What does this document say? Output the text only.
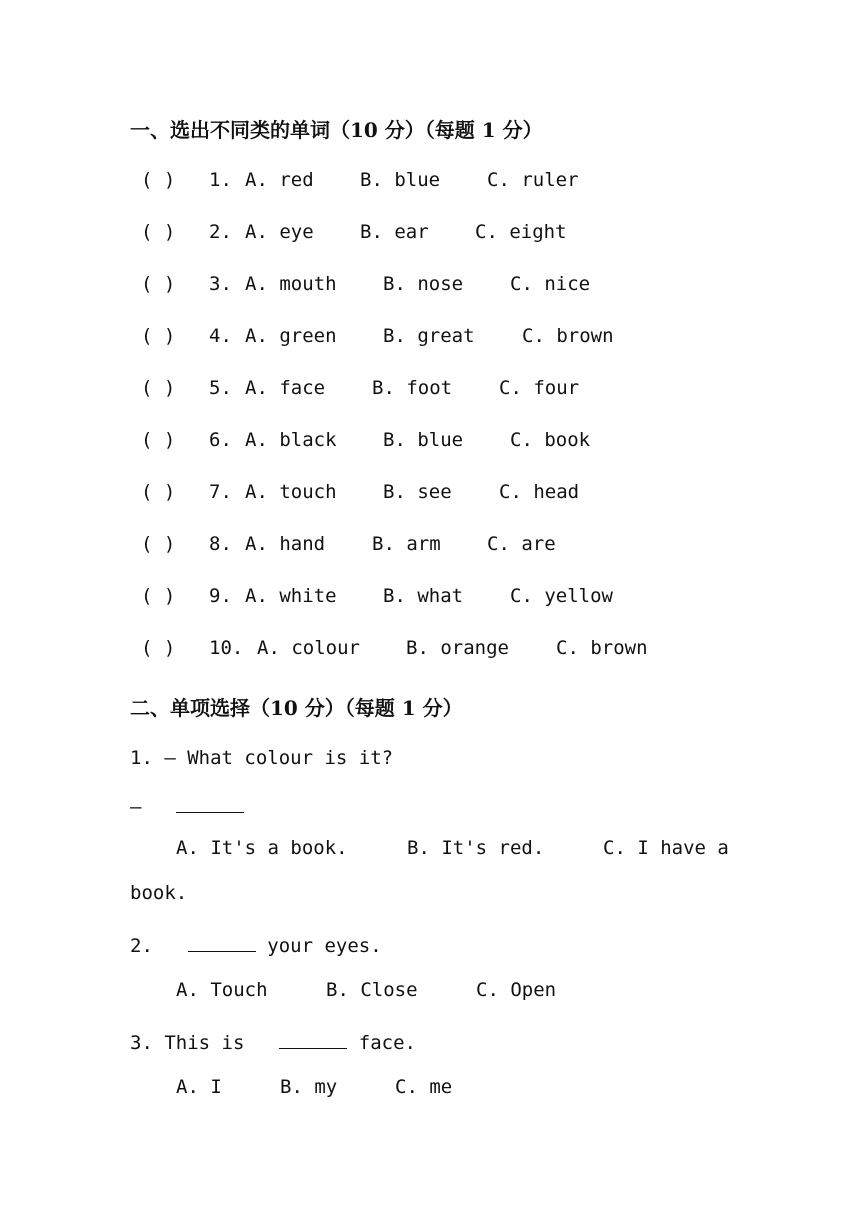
一、选出不同类的单词（10 分）（每题 1 分）
( ) 1. A. red B. blue C. ruler
( ) 2. A. eye B. ear C. eight
( ) 3. A. mouth B. nose C. nice
( ) 4. A. green B. great C. brown
( ) 5. A. face B. foot C. four
( ) 6. A. black B. blue C. book
( ) 7. A. touch B. see C. head
( ) 8. A. hand B. arm C. are
( ) 9. A. white B. what C. yellow
( ) 10. A. colour B. orange C. brown
二、单项选择（10 分）（每题 1 分）
1. — What colour is it?
—
A. It's a book.	B. It's red.	C. I have a
book.
2.	your eyes.
A. Touch	B. Close	C. Open
3. This is	face.
A. I	B. my	C. me
